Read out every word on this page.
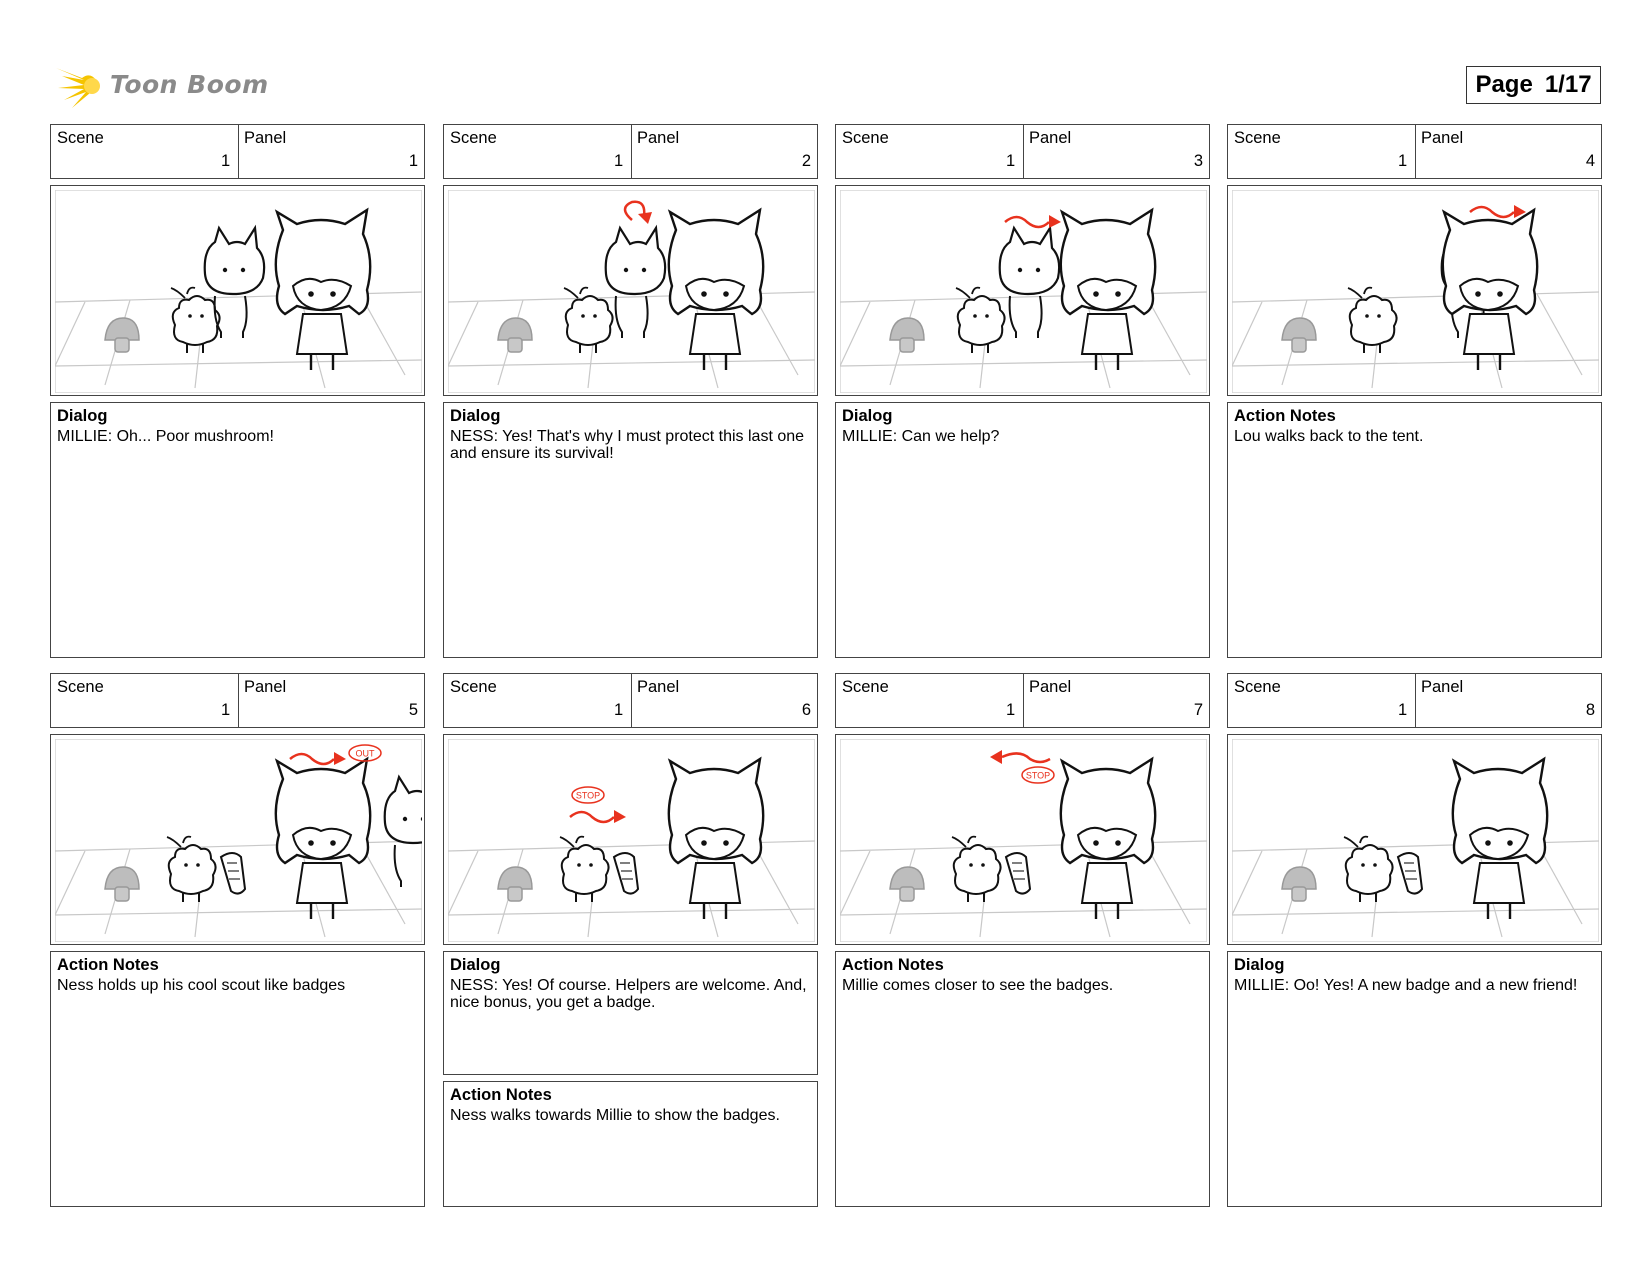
Toon Boom	Page 1/17
Scene
1
Panel
1
Dialog
MILLIE: Oh... Poor mushroom!
Scene
1
Panel
2
Dialog
NESS: Yes! That's why I must protect this last one and ensure its survival!
Scene
1
Panel
3
Dialog
MILLIE: Can we help?
Scene
1
Panel
4
Action Notes
Lou walks back to the tent.
Scene
1
Panel
5
OUT
Action Notes
Ness holds up his cool scout like badges
Scene
1
Panel
6
STOP
Dialog
NESS: Yes! Of course. Helpers are welcome. And, nice bonus, you get a badge.
Action Notes
Ness walks towards Millie to show the badges.
Scene
1
Panel
7
STOP
Action Notes
Millie comes closer to see the badges.
Scene
1
Panel
8
Dialog
MILLIE: Oo! Yes! A new badge and a new friend!
